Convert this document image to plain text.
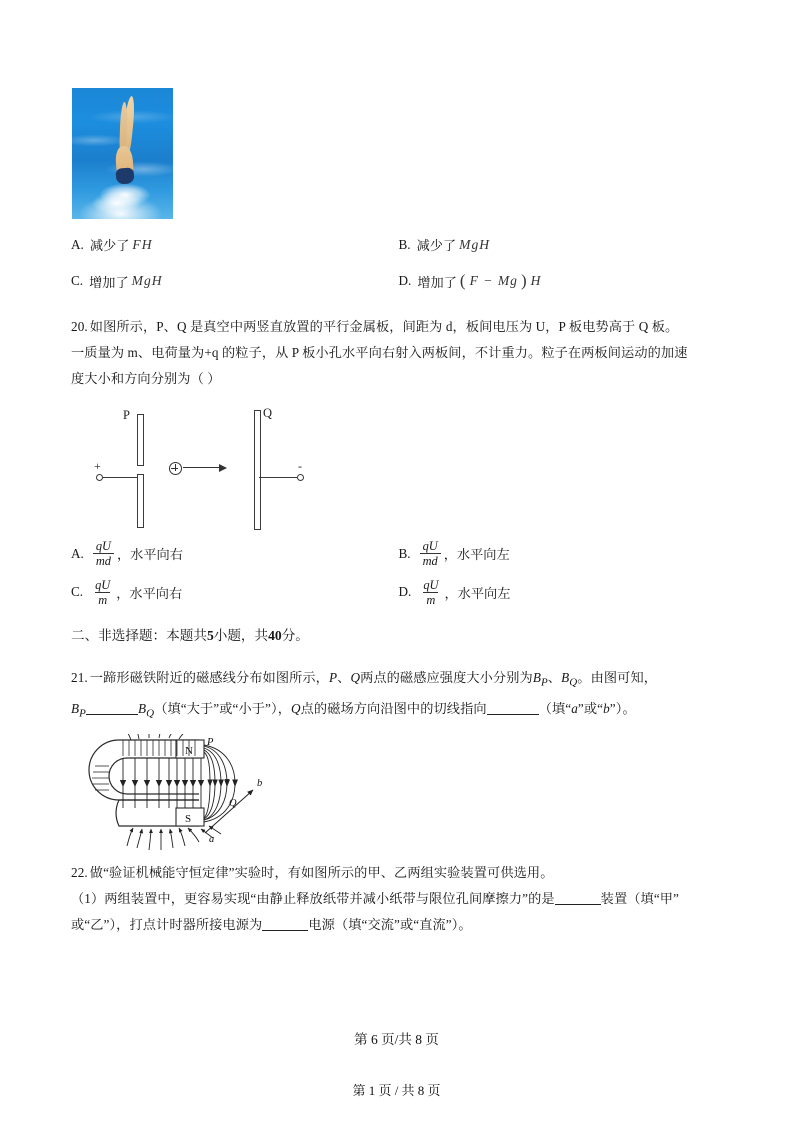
A. 减少了 FH	B. 减少了 MgH
C. 增加了 MgH	D. 增加了 ( F − Mg ) H
20. 如图所示，P、Q 是真空中两竖直放置的平行金属板，间距为 d，板间电压为 U，P 板电势高于 Q 板。
一质量为 m、电荷量为+q 的粒子，从 P 板小孔水平向右射入两板间，不计重力。粒子在两板间运动的加速
度大小和方向分别为（ ）
P	Q
+	-
A. $\frac{qU}{md}$ ，水平向右	B. $\frac{qU}{md}$ ，水平向左
C. $\frac{qU}{m}$ ，水平向右	D. $\frac{qU}{m}$ ，水平向左
二、非选择题：本题共5小题，共40分。
21. 一蹄形磁铁附近的磁感线分布如图所示，P、Q两点的磁感应强度大小分别为$B_P$、$B_Q$。由图可知，
$B_P$	$B_Q$（填“大于”或“小于”），Q点的磁场方向沿图中的切线指向	（填“a”或“b”）。
N
S
P
Q
a
b
22. 做“验证机械能守恒定律”实验时，有如图所示的甲、乙两组实验装置可供选用。
（1）两组装置中，更容易实现“由静止释放纸带并减小纸带与限位孔间摩擦力”的是	装置（填“甲”
或“乙”），打点计时器所接电源为	电源（填“交流”或“直流”）。
第 6 页/共 8 页
第 1 页 / 共 8 页
